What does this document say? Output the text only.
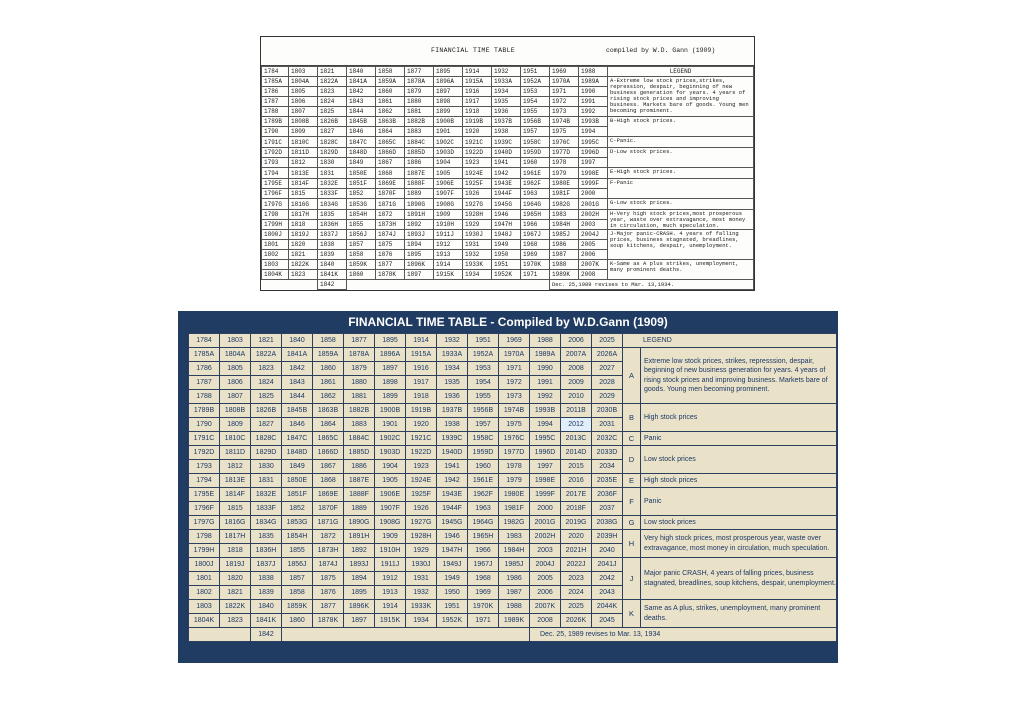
FINANCIAL TIME TABLE	compiled by W.D. Gann (1909)
1784	1803	1821	1840	1858	1877	1895	1914	1932	1951	1969	1988	LEGEND
1785A	1804A	1822A	1841A	1859A	1878A	1896A	1915A	1933A	1952A	1970A	1989A	A-Extreme low stock prices,strikes, repression, despair, beginning of new business generation for years. 4 years of rising stock prices and improving business. Markets bare of goods. Young men becoming prominent.
1786	1805	1823	1842	1860	1879	1897	1916	1934	1953	1971	1990	
1787	1806	1824	1843	1861	1880	1898	1917	1935	1954	1972	1991	
1788	1807	1825	1844	1862	1881	1899	1918	1936	1955	1973	1992	
1789B	1808B	1826B	1845B	1863B	1882B	1900B	1919B	1937B	1956B	1974B	1993B	B-High stock prices.
1790	1809	1827	1846	1864	1883	1901	1920	1938	1957	1975	1994	
1791C	1810C	1828C	1847C	1865C	1884C	1902C	1921C	1939C	1958C	1976C	1995C	C-Panic.
1792D	1811D	1829D	1848D	1866D	1885D	1903D	1922D	1940D	1959D	1977D	1996D	D-Low stock prices.
1793	1812	1830	1849	1867	1886	1904	1923	1941	1960	1978	1997	
1794	1813E	1831	1850E	1868	1887E	1905	1924E	1942	1961E	1979	1998E	E-High stock prices.
1795E	1814F	1832E	1851F	1869E	1888F	1906E	1925F	1943E	1962F	1980E	1999F	F-Panic
1796F	1815	1833F	1852	1870F	1889	1907F	1926	1944F	1963	1981F	2000	
1797G	1816G	1834G	1853G	1871G	1890G	1908G	1927G	1945G	1964G	1982G	2001G	G-Low stock prices.
1798	1817H	1835	1854H	1872	1891H	1909	1928H	1946	1965H	1983	2002H	H-Very high stock prices,most prosperous year, waste over extravagance, most money in circulation, much speculation.
1799H	1818	1836H	1855	1873H	1892	1910H	1929	1947H	1966	1984H	2003	
1800J	1819J	1837J	1856J	1874J	1893J	1911J	1930J	1948J	1967J	1985J	2004J	J-Major panic-CRASH. 4 years of falling prices, business stagnated, breadlines, soup kitchens, despair, unemployment.
1801	1820	1838	1857	1875	1894	1912	1931	1949	1968	1986	2005	
1802	1821	1839	1858	1876	1895	1913	1932	1950	1969	1987	2006	
1803	1822K	1840	1859K	1877	1896K	1914	1933K	1951	1970K	1988	2007K	K-Same as A plus strikes, unemployment, many prominent deaths.
1804K	1823	1841K	1860	1878K	1897	1915K	1934	1952K	1971	1989K	2008	
		1842								Dec. 25,1989 revises to Mar. 13,1934.		
FINANCIAL TIME TABLE - Compiled by W.D.Gann (1909)
1784	1803	1821	1840	1858	1877	1895	1914	1932	1951	1969	1988	2006	2025	LEGEND	
1785A	1804A	1822A	1841A	1859A	1878A	1896A	1915A	1933A	1952A	1970A	1989A	2007A	2026A	A	Extreme low stock prices, strikes, represssion, despair, beginning of new business generation for years. 4 years of rising stock prices and improving business. Markets bare of goods. Young men becoming prominent.
1786	1805	1823	1842	1860	1879	1897	1916	1934	1953	1971	1990	2008	2027		
1787	1806	1824	1843	1861	1880	1898	1917	1935	1954	1972	1991	2009	2028		
1788	1807	1825	1844	1862	1881	1899	1918	1936	1955	1973	1992	2010	2029		
1789B	1808B	1826B	1845B	1863B	1882B	1900B	1919B	1937B	1956B	1974B	1993B	2011B	2030B	B	High stock prices
1790	1809	1827	1846	1864	1883	1901	1920	1938	1957	1975	1994	2012	2031		
1791C	1810C	1828C	1847C	1865C	1884C	1902C	1921C	1939C	1958C	1976C	1995C	2013C	2032C	C	Panic
1792D	1811D	1829D	1848D	1866D	1885D	1903D	1922D	1940D	1959D	1977D	1996D	2014D	2033D	D	Low stock prices
1793	1812	1830	1849	1867	1886	1904	1923	1941	1960	1978	1997	2015	2034		
1794	1813E	1831	1850E	1868	1887E	1905	1924E	1942	1961E	1979	1998E	2016	2035E	E	High stock prices
1795E	1814F	1832E	1851F	1869E	1888F	1906E	1925F	1943E	1962F	1980E	1999F	2017E	2036F	F	Panic
1796F	1815	1833F	1852	1870F	1889	1907F	1926	1944F	1963	1981F	2000	2018F	2037		
1797G	1816G	1834G	1853G	1871G	1890G	1908G	1927G	1945G	1964G	1982G	2001G	2019G	2038G	G	Low stock prices
1798	1817H	1835	1854H	1872	1891H	1909	1928H	1946	1965H	1983	2002H	2020	2039H	H	Very high stock prices, most prosperous year, waste over extravagance, most money in circulation, much speculation.
1799H	1818	1836H	1855	1873H	1892	1910H	1929	1947H	1966	1984H	2003	2021H	2040		
1800J	1819J	1837J	1856J	1874J	1893J	1911J	1930J	1949J	1967J	1985J	2004J	2022J	2041J	J	Major panic CRASH, 4 years of falling prices, business stagnated, breadlines, soup kitchens, despair, unemployment.
1801	1820	1838	1857	1875	1894	1912	1931	1949	1968	1986	2005	2023	2042		
1802	1821	1839	1858	1876	1895	1913	1932	1950	1969	1987	2006	2024	2043		
1803	1822K	1840	1859K	1877	1896K	1914	1933K	1951	1970K	1988	2007K	2025	2044K	K	Same as A plus, strikes, unemployment, many prominent deaths.
1804K	1823	1841K	1860	1878K	1897	1915K	1934	1952K	1971	1989K	2008	2026K	2045		
		1842									Dec. 25, 1989 revises to Mar. 13, 1934				
